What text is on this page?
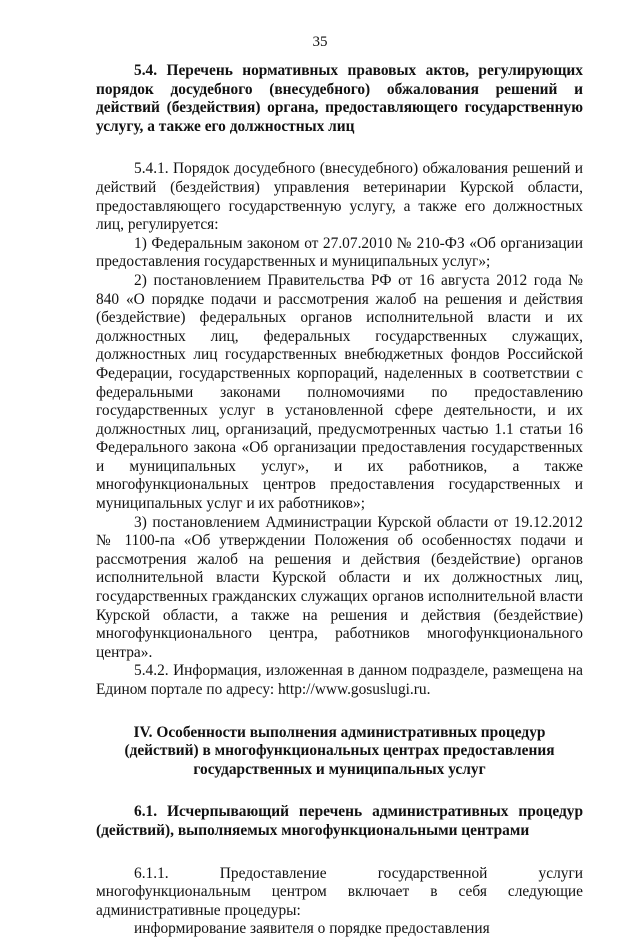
35
5.4. Перечень нормативных правовых актов, регулирующих порядок досудебного (внесудебного) обжалования решений и действий (бездействия) органа, предоставляющего государственную услугу, а также его должностных лиц

5.4.1. Порядок досудебного (внесудебного) обжалования решений и действий (бездействия) управления ветеринарии Курской области, предоставляющего государственную услугу, а также его должностных лиц, регулируется:

1) Федеральным законом от 27.07.2010 № 210-ФЗ «Об организации предоставления государственных и муниципальных услуг»;

2) постановлением Правительства РФ от 16 августа 2012 года № 840 «О порядке подачи и рассмотрения жалоб на решения и действия (бездействие) федеральных органов исполнительной власти и их должностных лиц, федеральных государственных служащих, должностных лиц государственных внебюджетных фондов Российской Федерации, государственных корпораций, наделенных в соответствии с федеральными законами полномочиями по предоставлению государственных услуг в установленной сфере деятельности, и их должностных лиц, организаций, предусмотренных частью 1.1 статьи 16 Федерального закона «Об организации предоставления государственных и муниципальных услуг», и их работников, а также многофункциональных центров предоставления государственных и муниципальных услуг и их работников»;

3) постановлением Администрации Курской области от 19.12.2012 № 1100-па «Об утверждении Положения об особенностях подачи и рассмотрения жалоб на решения и действия (бездействие) органов исполнительной власти Курской области и их должностных лиц, государственных гражданских служащих органов исполнительной власти Курской области, а также на решения и действия (бездействие) многофункционального центра, работников многофункционального центра».

5.4.2. Информация, изложенная в данном подразделе, размещена на Едином портале по адресу: http://www.gosuslugi.ru.

IV. Особенности выполнения административных процедур (действий) в многофункциональных центрах предоставления государственных и муниципальных услуг
6.1. Исчерпывающий перечень административных процедур (действий), выполняемых многофункциональными центрами

6.1.1. Предоставление государственной услуги многофункциональным центром включает в себя следующие административные процедуры:

информирование заявителя о порядке предоставления
